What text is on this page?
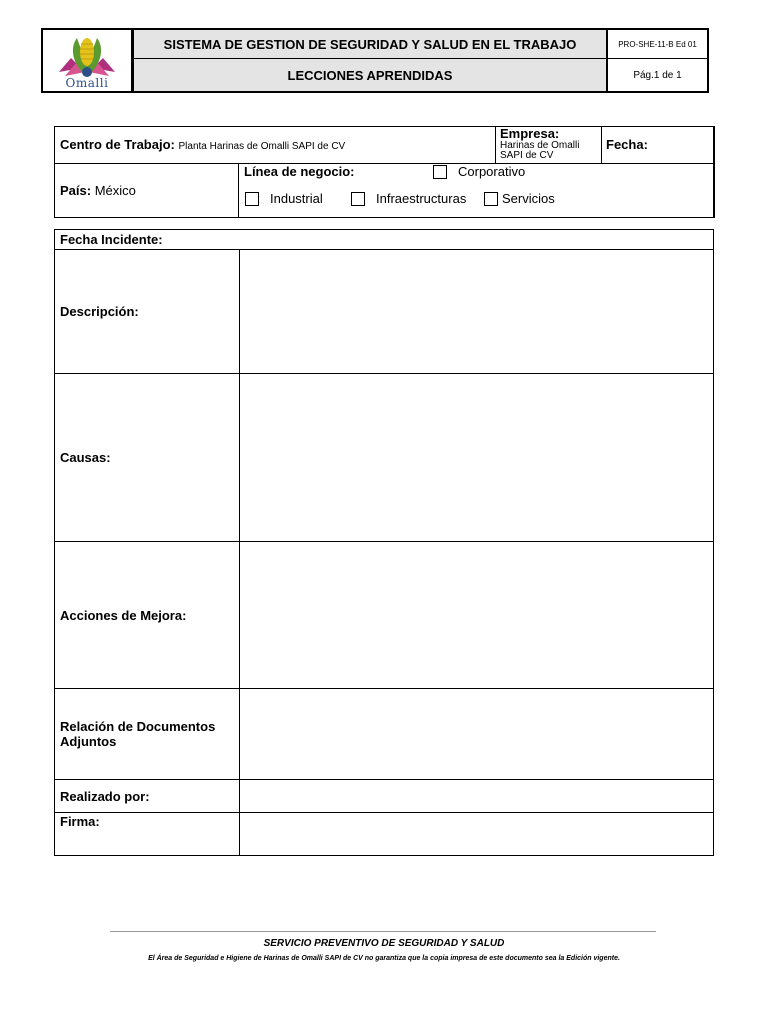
Omalli
SISTEMA DE GESTION DE SEGURIDAD Y SALUD EN EL TRABAJO
LECCIONES APRENDIDAS
PRO-SHE-11-B Ed 01
Pág.1 de 1
Centro de Trabajo: Planta Harinas de Omalli SAPI de CV
Empresa:
Harinas de Omalli
SAPI de CV
Fecha:
País: México
Línea de negocio:	Corporativo
Industrial	Infraestructuras	Servicios
Fecha Incidente:
Descripción:
Causas:
Acciones de Mejora:
Relación de Documentos
Adjuntos
Realizado por:
Firma:
SERVICIO PREVENTIVO DE SEGURIDAD Y SALUD
El Área de Seguridad e Higiene de Harinas de Omalli SAPI de CV no garantiza que la copia impresa de este documento sea la Edición vigente.
